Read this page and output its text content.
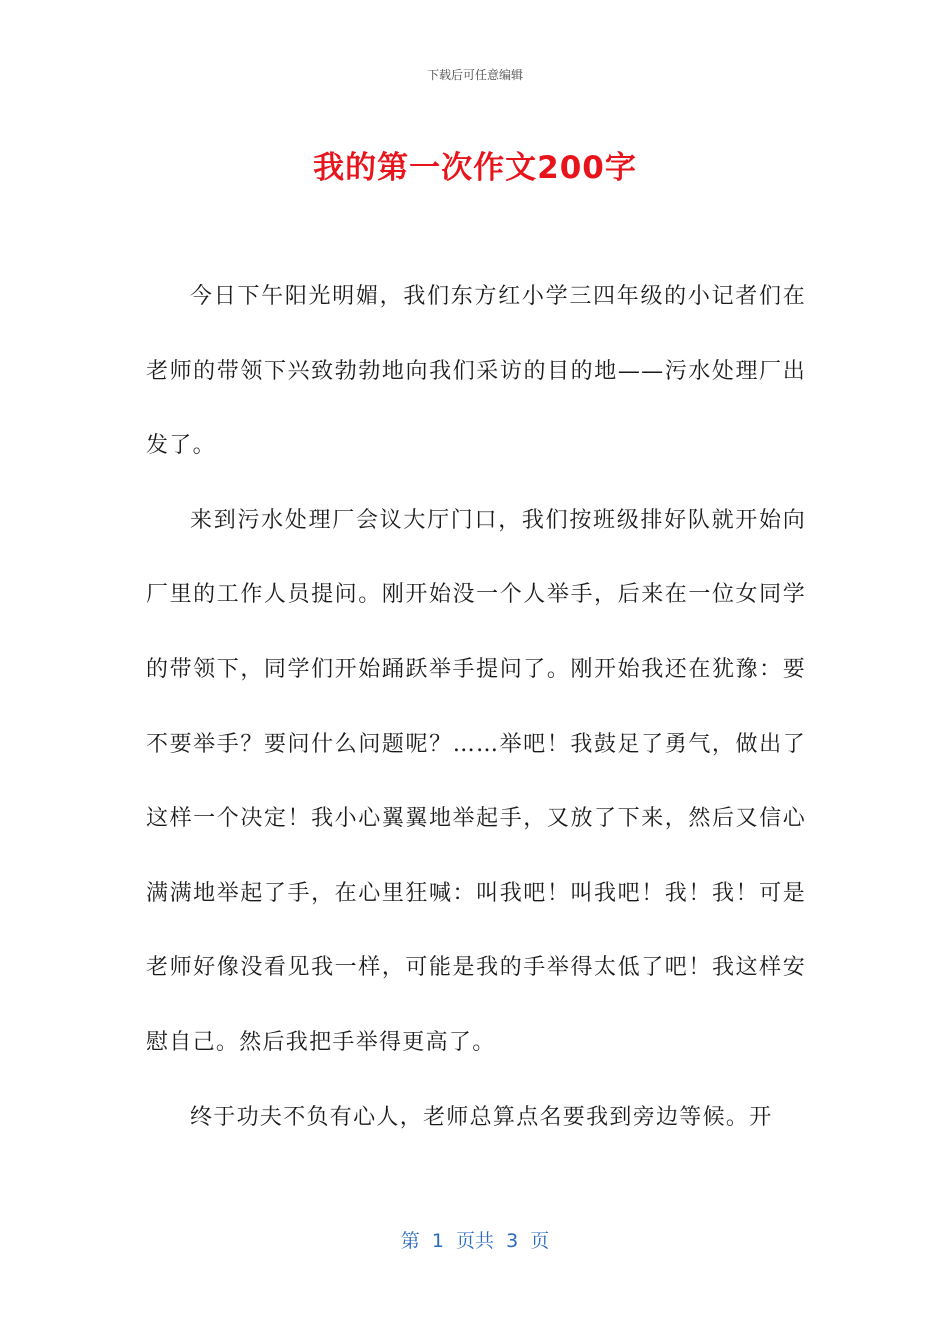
下载后可任意编辑
我的第一次作文200字

今日下午阳光明媚，我们东方红小学三四年级的小记者们在老师的带领下兴致勃勃地向我们采访的目的地——污水处理厂出发了。

来到污水处理厂会议大厅门口，我们按班级排好队就开始向厂里的工作人员提问。刚开始没一个人举手，后来在一位女同学的带领下，同学们开始踊跃举手提问了。刚开始我还在犹豫：要不要举手？要问什么问题呢？……举吧！我鼓足了勇气，做出了这样一个决定！我小心翼翼地举起手，又放了下来，然后又信心满满地举起了手，在心里狂喊：叫我吧！叫我吧！我！我！可是老师好像没看见我一样，可能是我的手举得太低了吧！我这样安慰自己。然后我把手举得更高了。

终于功夫不负有心人，老师总算点名要我到旁边等候。开

第  1  页共  3  页
